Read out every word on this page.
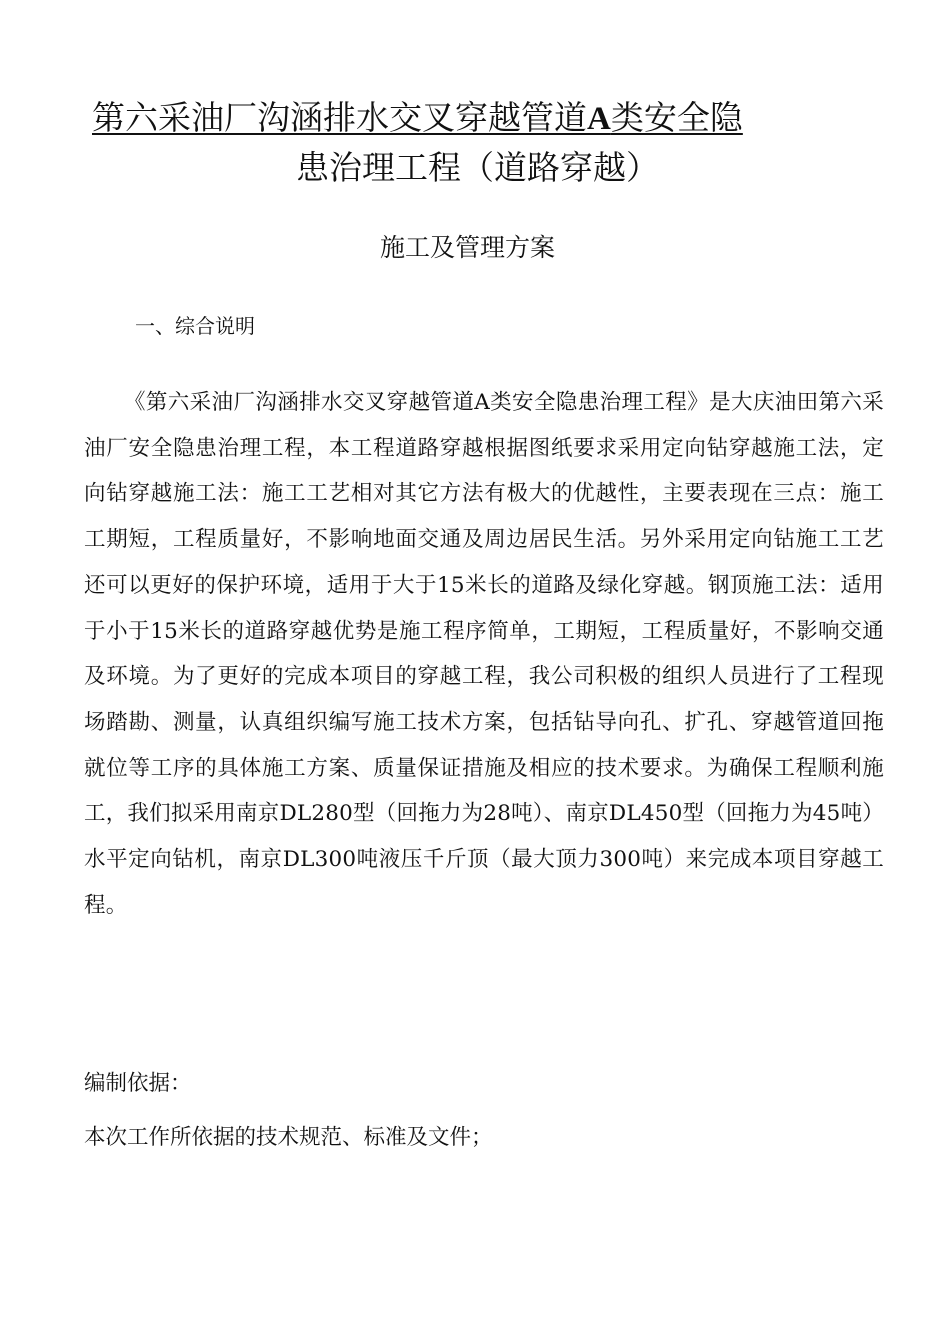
第六采油厂沟涵排水交叉穿越管道A类安全隐
患治理工程（道路穿越）
施工及管理方案
一、综合说明
《第六采油厂沟涵排水交叉穿越管道A类安全隐患治理工程》是大庆油田第六采油厂安全隐患治理工程，本工程道路穿越根据图纸要求采用定向钻穿越施工法，定向钻穿越施工法：施工工艺相对其它方法有极大的优越性，主要表现在三点：施工工期短，工程质量好，不影响地面交通及周边居民生活。另外采用定向钻施工工艺还可以更好的保护环境，适用于大于15米长的道路及绿化穿越。钢顶施工法：适用于小于15米长的道路穿越优势是施工程序简单，工期短，工程质量好，不影响交通及环境。为了更好的完成本项目的穿越工程，我公司积极的组织人员进行了工程现场踏勘、测量，认真组织编写施工技术方案，包括钻导向孔、扩孔、穿越管道回拖就位等工序的具体施工方案、质量保证措施及相应的技术要求。为确保工程顺利施工，我们拟采用南京DL280型（回拖力为28吨）、南京DL450型（回拖力为45吨）水平定向钻机，南京DL300吨液压千斤顶（最大顶力300吨）来完成本项目穿越工程。
编制依据：
本次工作所依据的技术规范、标准及文件；
